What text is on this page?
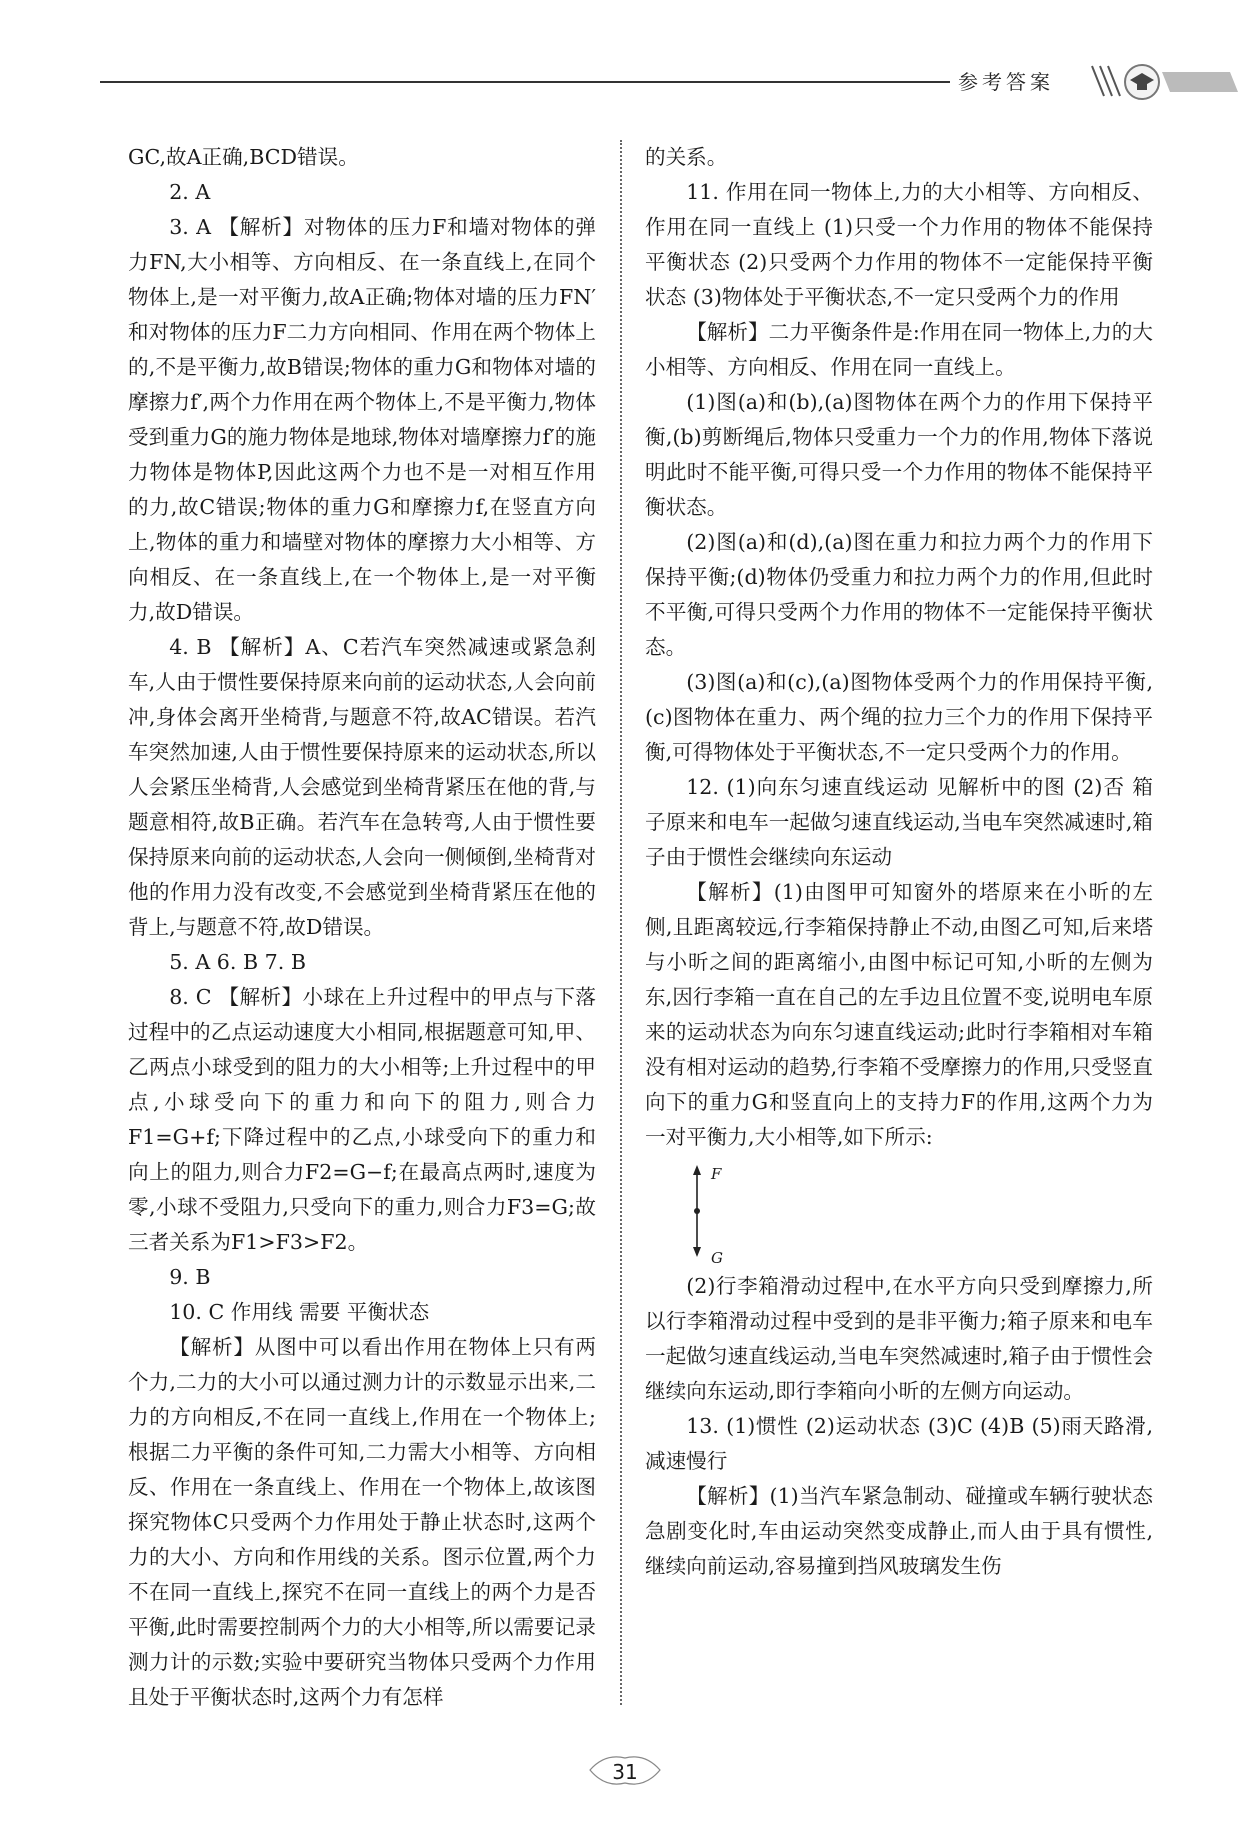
参考答案

GC,故A正确,BCD错误。

2. A

3. A 【解析】对物体的压力F和墙对物体的弹力FN,大小相等、方向相反、在一条直线上,在同个物体上,是一对平衡力,故A正确;物体对墙的压力FN′和对物体的压力F二力方向相同、作用在两个物体上的,不是平衡力,故B错误;物体的重力G和物体对墙的摩擦力f′,两个力作用在两个物体上,不是平衡力,物体受到重力G的施力物体是地球,物体对墙摩擦力f′的施力物体是物体P,因此这两个力也不是一对相互作用的力,故C错误;物体的重力G和摩擦力f,在竖直方向上,物体的重力和墙壁对物体的摩擦力大小相等、方向相反、在一条直线上,在一个物体上,是一对平衡力,故D错误。

4. B 【解析】A、C若汽车突然减速或紧急刹车,人由于惯性要保持原来向前的运动状态,人会向前冲,身体会离开坐椅背,与题意不符,故AC错误。若汽车突然加速,人由于惯性要保持原来的运动状态,所以人会紧压坐椅背,人会感觉到坐椅背紧压在他的背,与题意相符,故B正确。若汽车在急转弯,人由于惯性要保持原来向前的运动状态,人会向一侧倾倒,坐椅背对他的作用力没有改变,不会感觉到坐椅背紧压在他的背上,与题意不符,故D错误。

5. A 6. B 7. B

8. C 【解析】小球在上升过程中的甲点与下落过程中的乙点运动速度大小相同,根据题意可知,甲、乙两点小球受到的阻力的大小相等;上升过程中的甲点,小球受向下的重力和向下的阻力,则合力F1=G+f;下降过程中的乙点,小球受向下的重力和向上的阻力,则合力F2=G−f;在最高点两时,速度为零,小球不受阻力,只受向下的重力,则合力F3=G;故三者关系为F1>F3>F2。

9. B

10. C 作用线 需要 平衡状态

【解析】从图中可以看出作用在物体上只有两个力,二力的大小可以通过测力计的示数显示出来,二力的方向相反,不在同一直线上,作用在一个物体上;根据二力平衡的条件可知,二力需大小相等、方向相反、作用在一条直线上、作用在一个物体上,故该图探究物体C只受两个力作用处于静止状态时,这两个力的大小、方向和作用线的关系。图示位置,两个力不在同一直线上,探究不在同一直线上的两个力是否平衡,此时需要控制两个力的大小相等,所以需要记录测力计的示数;实验中要研究当物体只受两个力作用且处于平衡状态时,这两个力有怎样

的关系。

11. 作用在同一物体上,力的大小相等、方向相反、作用在同一直线上 (1)只受一个力作用的物体不能保持平衡状态 (2)只受两个力作用的物体不一定能保持平衡状态 (3)物体处于平衡状态,不一定只受两个力的作用

【解析】二力平衡条件是:作用在同一物体上,力的大小相等、方向相反、作用在同一直线上。

(1)图(a)和(b),(a)图物体在两个力的作用下保持平衡,(b)剪断绳后,物体只受重力一个力的作用,物体下落说明此时不能平衡,可得只受一个力作用的物体不能保持平衡状态。

(2)图(a)和(d),(a)图在重力和拉力两个力的作用下保持平衡;(d)物体仍受重力和拉力两个力的作用,但此时不平衡,可得只受两个力作用的物体不一定能保持平衡状态。

(3)图(a)和(c),(a)图物体受两个力的作用保持平衡,(c)图物体在重力、两个绳的拉力三个力的作用下保持平衡,可得物体处于平衡状态,不一定只受两个力的作用。

12. (1)向东匀速直线运动 见解析中的图 (2)否 箱子原来和电车一起做匀速直线运动,当电车突然减速时,箱子由于惯性会继续向东运动

【解析】(1)由图甲可知窗外的塔原来在小昕的左侧,且距离较远,行李箱保持静止不动,由图乙可知,后来塔与小昕之间的距离缩小,由图中标记可知,小昕的左侧为东,因行李箱一直在自己的左手边且位置不变,说明电车原来的运动状态为向东匀速直线运动;此时行李箱相对车箱没有相对运动的趋势,行李箱不受摩擦力的作用,只受竖直向下的重力G和竖直向上的支持力F的作用,这两个力为一对平衡力,大小相等,如下所示:

F
G

(2)行李箱滑动过程中,在水平方向只受到摩擦力,所以行李箱滑动过程中受到的是非平衡力;箱子原来和电车一起做匀速直线运动,当电车突然减速时,箱子由于惯性会继续向东运动,即行李箱向小昕的左侧方向运动。

13. (1)惯性 (2)运动状态 (3)C (4)B (5)雨天路滑,减速慢行

【解析】(1)当汽车紧急制动、碰撞或车辆行驶状态急剧变化时,车由运动突然变成静止,而人由于具有惯性,继续向前运动,容易撞到挡风玻璃发生伤

31
